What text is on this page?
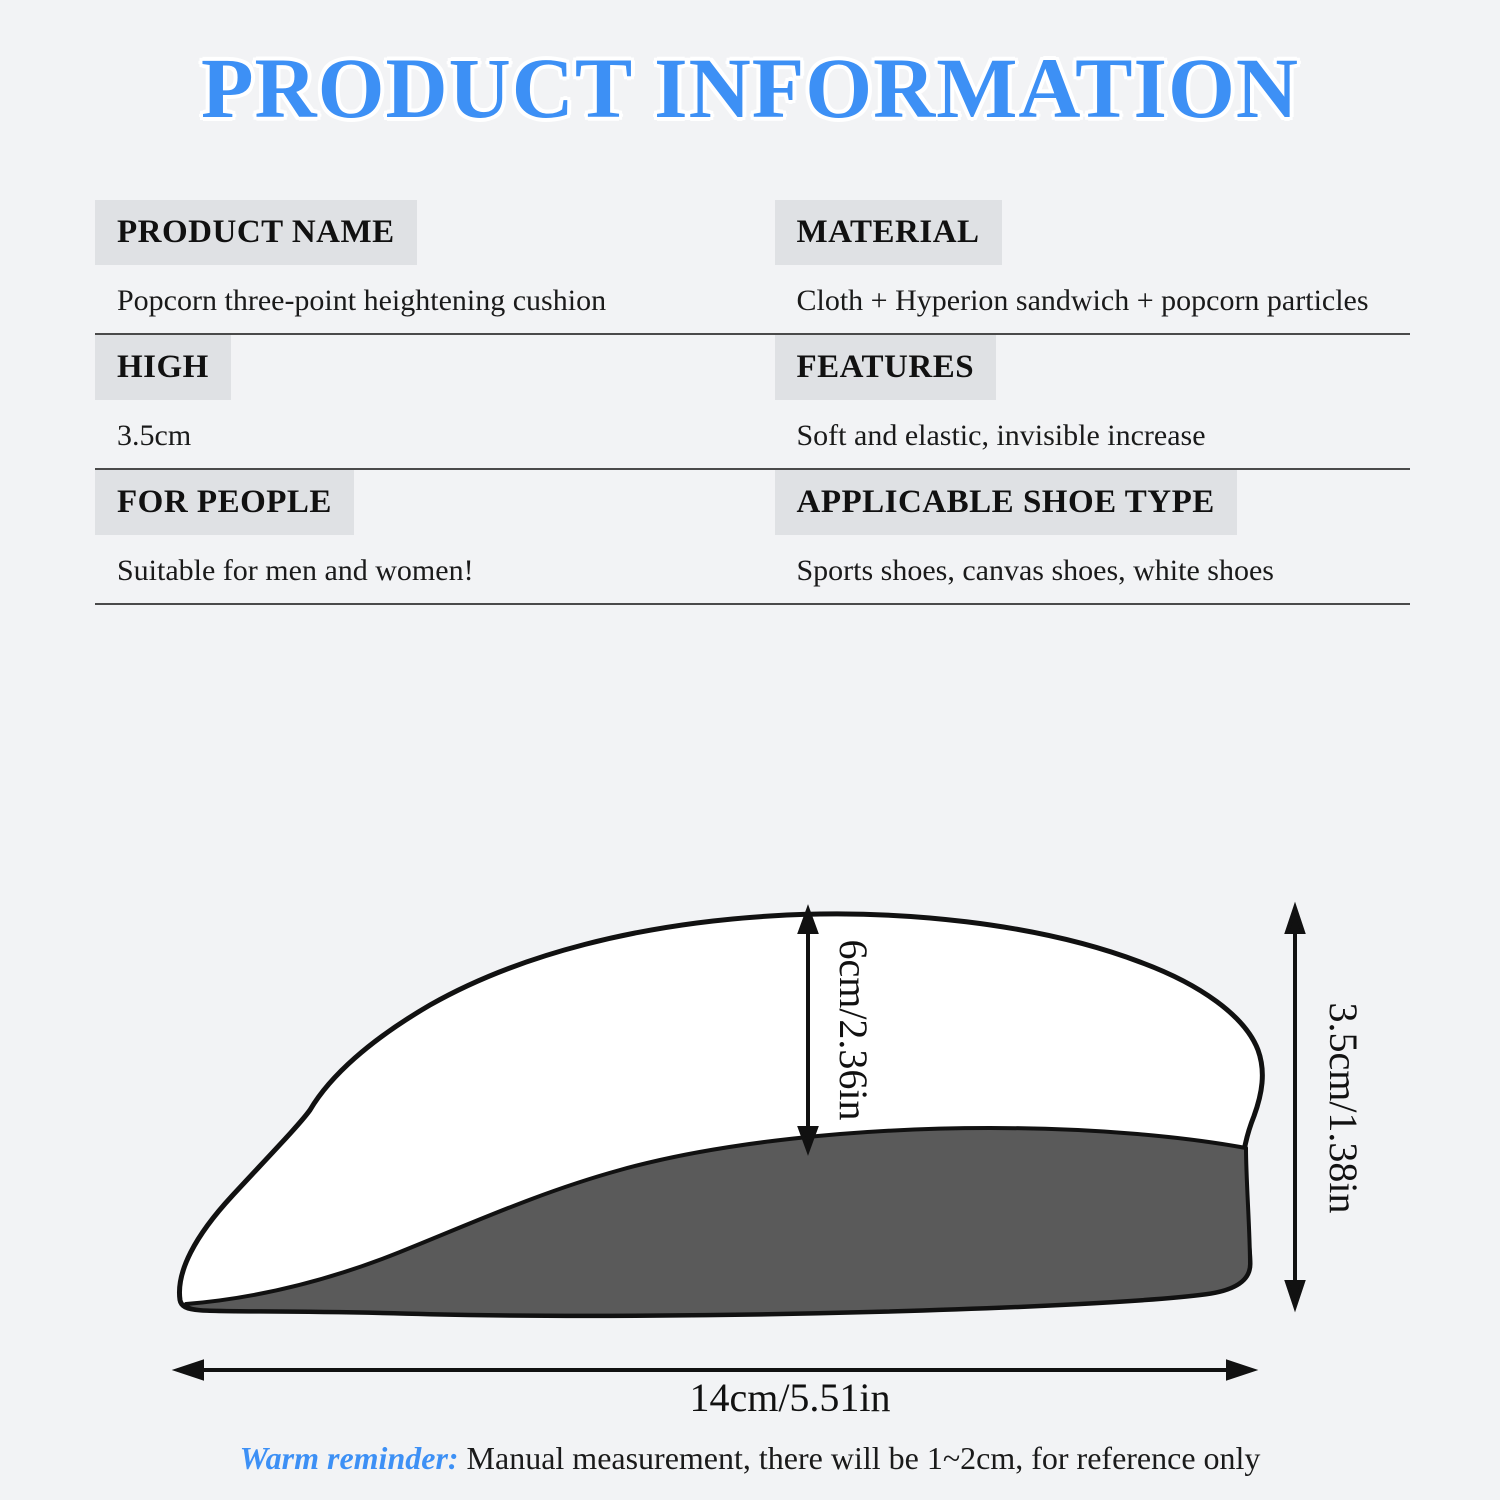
PRODUCT INFORMATION
PRODUCT NAME
Popcorn three-point heightening cushion
MATERIAL
Cloth + Hyperion sandwich + popcorn particles
HIGH
3.5cm
FEATURES
Soft and elastic, invisible increase
FOR PEOPLE
Suitable for men and women!
APPLICABLE SHOE TYPE
Sports shoes, canvas shoes, white shoes
6cm/2.36in	3.5cm/1.38in
14cm/5.51in
Warm reminder: Manual measurement, there will be 1~2cm, for reference only
